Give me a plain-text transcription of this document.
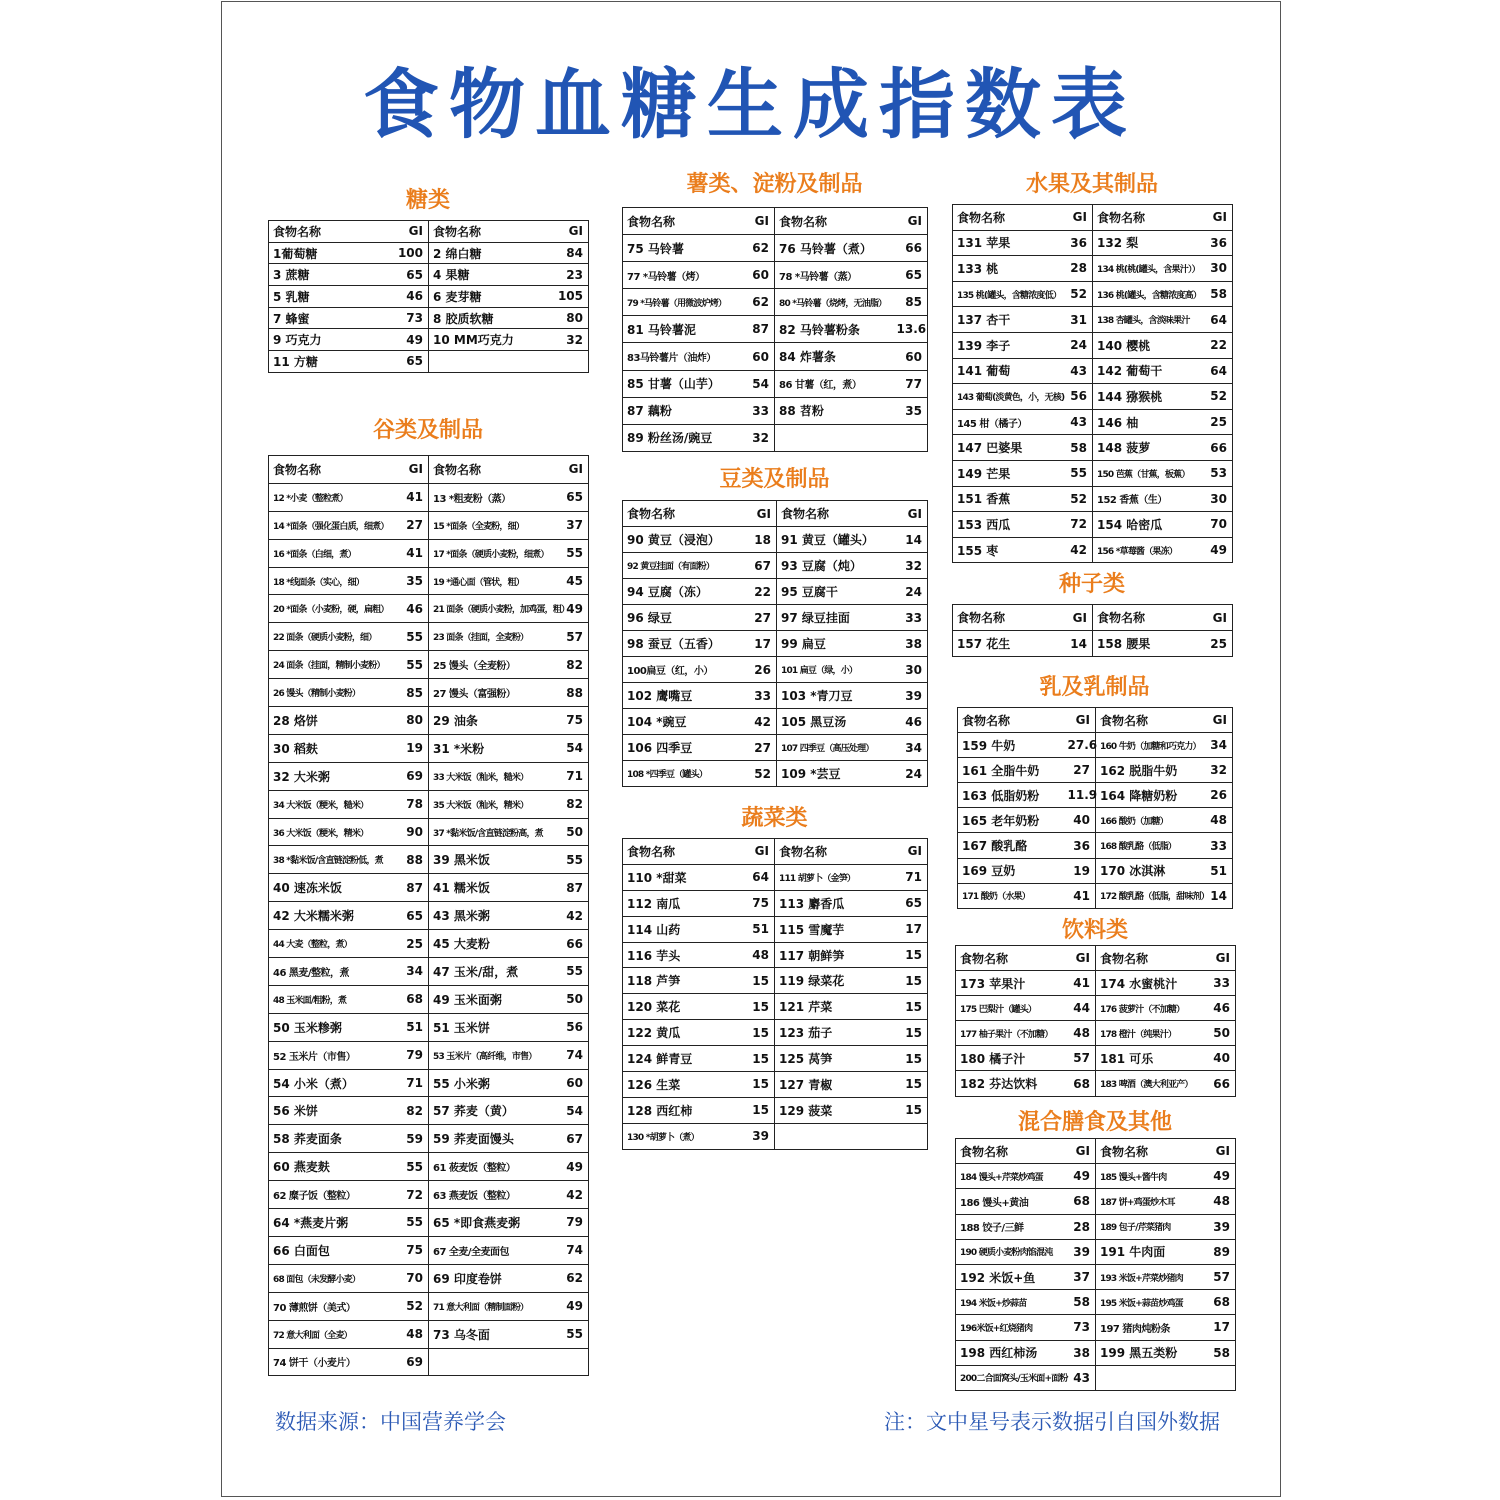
食物血糖生成指数表
数据来源：中国营养学会	注：文中星号表示数据引自国外数据
糖类
食物名称	GI	食物名称	GI
1葡萄糖	100	2 绵白糖	84
3 蔗糖	65	4 果糖	23
5 乳糖	46	6 麦芽糖	105
7 蜂蜜	73	8 胶质软糖	80
9 巧克力	49	10 MM巧克力	32
11 方糖	65		
谷类及制品
食物名称	GI	食物名称	GI
12 *小麦（整粒煮）	41	13 *粗麦粉（蒸）	65
14 *面条（强化蛋白质，细煮）	27	15 *面条（全麦粉，细）	37
16 *面条（白细，煮）	41	17 *面条（硬质小麦粉，细煮）	55
18 *线面条（实心，细）	35	19 *通心面（管状，粗）	45
20 *面条（小麦粉，硬，扁粗）	46	21 面条（硬质小麦粉，加鸡蛋，粗）	49
22 面条（硬质小麦粉，细）	55	23 面条（挂面，全麦粉）	57
24 面条（挂面，精制小麦粉）	55	25 馒头（全麦粉）	82
26 馒头（精制小麦粉）	85	27 馒头（富强粉）	88
28 烙饼	80	29 油条	75
30 稻麸	19	31 *米粉	54
32 大米粥	69	33 大米饭（籼米，糙米）	71
34 大米饭（粳米，糙米）	78	35 大米饭（籼米，精米）	82
36 大米饭（粳米，精米）	90	37 *黏米饭/含直链淀粉高，煮	50
38 *黏米饭/含直链淀粉低，煮	88	39 黑米饭	55
40 速冻米饭	87	41 糯米饭	87
42 大米糯米粥	65	43 黑米粥	42
44 大麦（整粒，煮）	25	45 大麦粉	66
46 黑麦/整粒，煮	34	47 玉米/甜，煮	55
48 玉米面/粗粉，煮	68	49 玉米面粥	50
50 玉米糁粥	51	51 玉米饼	56
52 玉米片（市售）	79	53 玉米片（高纤维，市售）	74
54 小米（煮）	71	55 小米粥	60
56 米饼	82	57 荞麦（黄）	54
58 荞麦面条	59	59 荞麦面馒头	67
60 燕麦麸	55	61 莜麦饭（整粒）	49
62 糜子饭（整粒）	72	63 燕麦饭（整粒）	42
64 *燕麦片粥	55	65 *即食燕麦粥	79
66 白面包	75	67 全麦/全麦面包	74
68 面包（未发酵小麦）	70	69 印度卷饼	62
70 薄煎饼（美式）	52	71 意大利面（精制面粉）	49
72 意大利面（全麦）	48	73 乌冬面	55
74 饼干（小麦片）	69		
薯类、淀粉及制品
食物名称	GI	食物名称	GI
75 马铃薯	62	76 马铃薯（煮）	66
77 *马铃薯（烤）	60	78 *马铃薯（蒸）	65
79 *马铃薯（用微波炉烤）	62	80 *马铃薯（烧烤，无油脂）	85
81 马铃薯泥	87	82 马铃薯粉条	13.6
83马铃薯片（油炸）	60	84 炸薯条	60
85 甘薯（山芋）	54	86 甘薯（红，煮）	77
87 藕粉	33	88 苕粉	35
89 粉丝汤/豌豆	32		
豆类及制品
食物名称	GI	食物名称	GI
90 黄豆（浸泡）	18	91 黄豆（罐头）	14
92 黄豆挂面（有面粉）	67	93 豆腐（炖）	32
94 豆腐（冻）	22	95 豆腐干	24
96 绿豆	27	97 绿豆挂面	33
98 蚕豆（五香）	17	99 扁豆	38
100扁豆（红，小）	26	101 扁豆（绿，小）	30
102 鹰嘴豆	33	103 *青刀豆	39
104 *豌豆	42	105 黑豆汤	46
106 四季豆	27	107 四季豆（高压处理）	34
108 *四季豆（罐头）	52	109 *芸豆	24
蔬菜类
食物名称	GI	食物名称	GI
110 *甜菜	64	111 胡萝卜（金笋）	71
112 南瓜	75	113 麝香瓜	65
114 山药	51	115 雪魔芋	17
116 芋头	48	117 朝鲜笋	15
118 芦笋	15	119 绿菜花	15
120 菜花	15	121 芹菜	15
122 黄瓜	15	123 茄子	15
124 鲜青豆	15	125 莴笋	15
126 生菜	15	127 青椒	15
128 西红柿	15	129 菠菜	15
130 *胡萝卜（煮）	39		
水果及其制品
食物名称	GI	食物名称	GI
131 苹果	36	132 梨	36
133 桃	28	134 桃(桃(罐头，含果汁））	30
135 桃(罐头，含糖浓度低）	52	136 桃(罐头，含糖浓度高）	58
137 杏干	31	138 杏罐头，含淡味果汁	64
139 李子	24	140 樱桃	22
141 葡萄	43	142 葡萄干	64
143 葡萄(淡黄色，小，无核)	56	144 猕猴桃	52
145 柑（橘子）	43	146 柚	25
147 巴婆果	58	148 菠萝	66
149 芒果	55	150 芭蕉（甘蕉，板蕉）	53
151 香蕉	52	152 香蕉（生）	30
153 西瓜	72	154 哈密瓜	70
155 枣	42	156 *草莓酱（果冻）	49
种子类
食物名称	GI	食物名称	GI
157 花生	14	158 腰果	25
乳及乳制品
食物名称	GI	食物名称	GI
159 牛奶	27.6	160 牛奶（加糖和巧克力）	34
161 全脂牛奶	27	162 脱脂牛奶	32
163 低脂奶粉	11.9	164 降糖奶粉	26
165 老年奶粉	40	166 酸奶（加糖）	48
167 酸乳酪	36	168 酸乳酪（低脂）	33
169 豆奶	19	170 冰淇淋	51
171 酸奶（水果）	41	172 酸乳酪（低脂，甜味剂）	14
饮料类
食物名称	GI	食物名称	GI
173 苹果汁	41	174 水蜜桃汁	33
175 巴梨汁（罐头）	44	176 菠萝汁（不加糖）	46
177 柚子果汁（不加糖）	48	178 橙汁（纯果汁）	50
180 橘子汁	57	181 可乐	40
182 芬达饮料	68	183 啤酒（澳大利亚产）	66
混合膳食及其他
食物名称	GI	食物名称	GI
184 馒头+芹菜炒鸡蛋	49	185 馒头+酱牛肉	49
186 馒头+黄油	68	187 饼+鸡蛋炒木耳	48
188 饺子/三鲜	28	189 包子/芹菜猪肉	39
190 硬质小麦粉肉馅混沌	39	191 牛肉面	89
192 米饭+鱼	37	193 米饭+芹菜炒猪肉	57
194 米饭+炒蒜苗	58	195 米饭+蒜苗炒鸡蛋	68
196米饭+红烧猪肉	73	197 猪肉炖粉条	17
198 西红柿汤	38	199 黑五类粉	58
200二合面窝头/玉米面+面粉	43		
